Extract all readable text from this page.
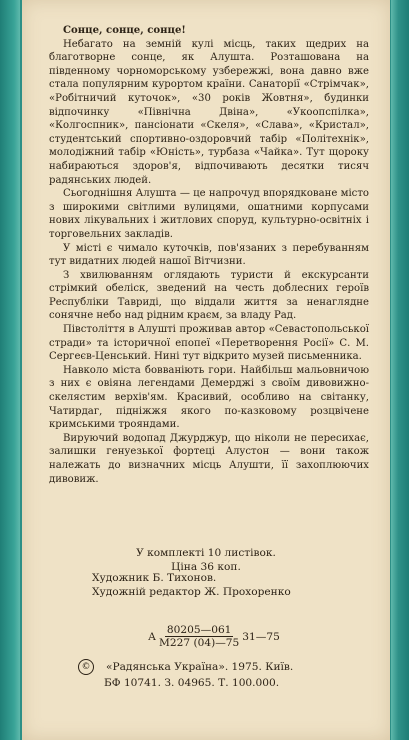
Сонце, сонце, сонце!

Небагато на земній кулі місць, таких щедрих на благотворне сонце, як Алушта. Розташована на південному чорноморському узбережжі, вона давно вже стала популярним курортом країни. Санаторії «Стрімчак», «Робітничий куточок», «30 років Жовтня», будинки відпочинку «Північна Двіна», «Укоопспілка», «Колгоспник», пансіонати «Скеля», «Слава», «Кристал», студентський спортивно-оздоровчий табір «Політехнік», молодіжний табір «Юність», турбаза «Чайка». Тут щороку набираються здоров'я, відпочивають десятки тисяч радянських людей.

Сьогоднішня Алушта — це напрочуд впорядковане місто з широкими світлими вулицями, ошатними корпусами нових лікувальних і житлових споруд, культурно-освітніх і торговельних закладів.

У місті є чимало куточків, пов'язаних з перебуванням тут видатних людей нашої Вітчизни.

З хвилюванням оглядають туристи й екскурсанти стрімкий обеліск, зведений на честь доблесних героїв Республіки Тавриді, що віддали життя за ненаглядне сонячне небо над рідним краєм, за владу Рад.

Півстоліття в Алушті проживав автор «Севастопольської стради» та історичної епопеї «Перетворення Росії» С. М. Сергеєв-Ценський. Нині тут відкрито музей письменника.

Навколо міста бовваніють гори. Найбільш мальовничою з них є овіяна легендами Демерджі з своїм дивовижно-скелястим верхів'ям. Красивий, особливо на світанку, Чатирдаг, підніжжя якого по-казковому розцвічене кримськими трояндами.

Вируючий водопад Джурджур, що ніколи не пересихає, залишки генуезької фортеці Алустон — вони також належать до визначних місць Алушти, її захоплюючих дивовиж.

У комплекті 10 листівок.
Ціна 36 коп.
Художник Б. Тихонов.
Художній редактор Ж. Прохоренко
А $\frac{80205—061}{М227 (04)—75}$ 31—75
©	«Радянська Україна». 1975. Київ.
БФ 10741. З. 04965. Т. 100.000.
